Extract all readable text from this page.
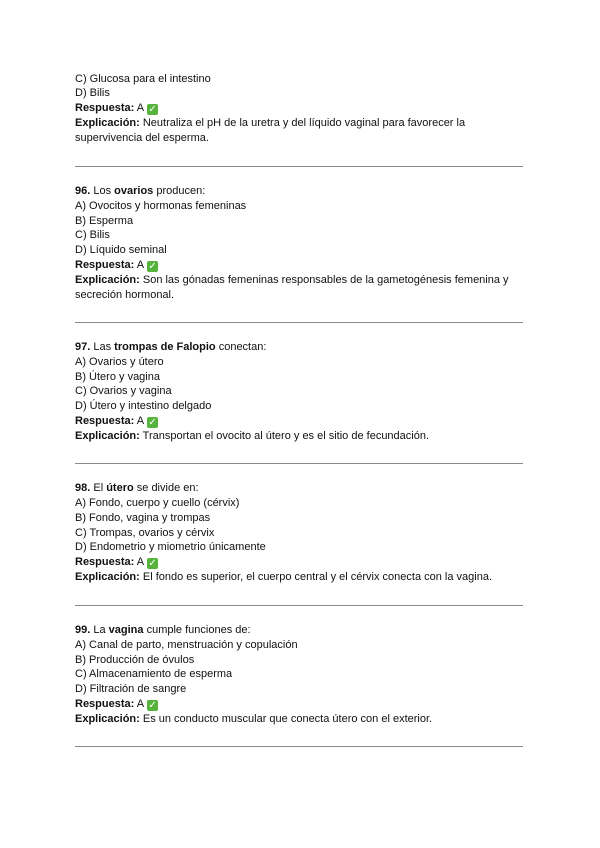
C) Glucosa para el intestino
D) Bilis
Respuesta: A ✓
Explicación: Neutraliza el pH de la uretra y del líquido vaginal para favorecer la
supervivencia del esperma.
96. Los ovarios producen:
A) Ovocitos y hormonas femeninas
B) Esperma
C) Bilis
D) Líquido seminal
Respuesta: A ✓
Explicación: Son las gónadas femeninas responsables de la gametogénesis femenina y
secreción hormonal.
97. Las trompas de Falopio conectan:
A) Ovarios y útero
B) Útero y vagina
C) Ovarios y vagina
D) Útero y intestino delgado
Respuesta: A ✓
Explicación: Transportan el ovocito al útero y es el sitio de fecundación.
98. El útero se divide en:
A) Fondo, cuerpo y cuello (cérvix)
B) Fondo, vagina y trompas
C) Trompas, ovarios y cérvix
D) Endometrio y miometrio únicamente
Respuesta: A ✓
Explicación: El fondo es superior, el cuerpo central y el cérvix conecta con la vagina.
99. La vagina cumple funciones de:
A) Canal de parto, menstruación y copulación
B) Producción de óvulos
C) Almacenamiento de esperma
D) Filtración de sangre
Respuesta: A ✓
Explicación: Es un conducto muscular que conecta útero con el exterior.
